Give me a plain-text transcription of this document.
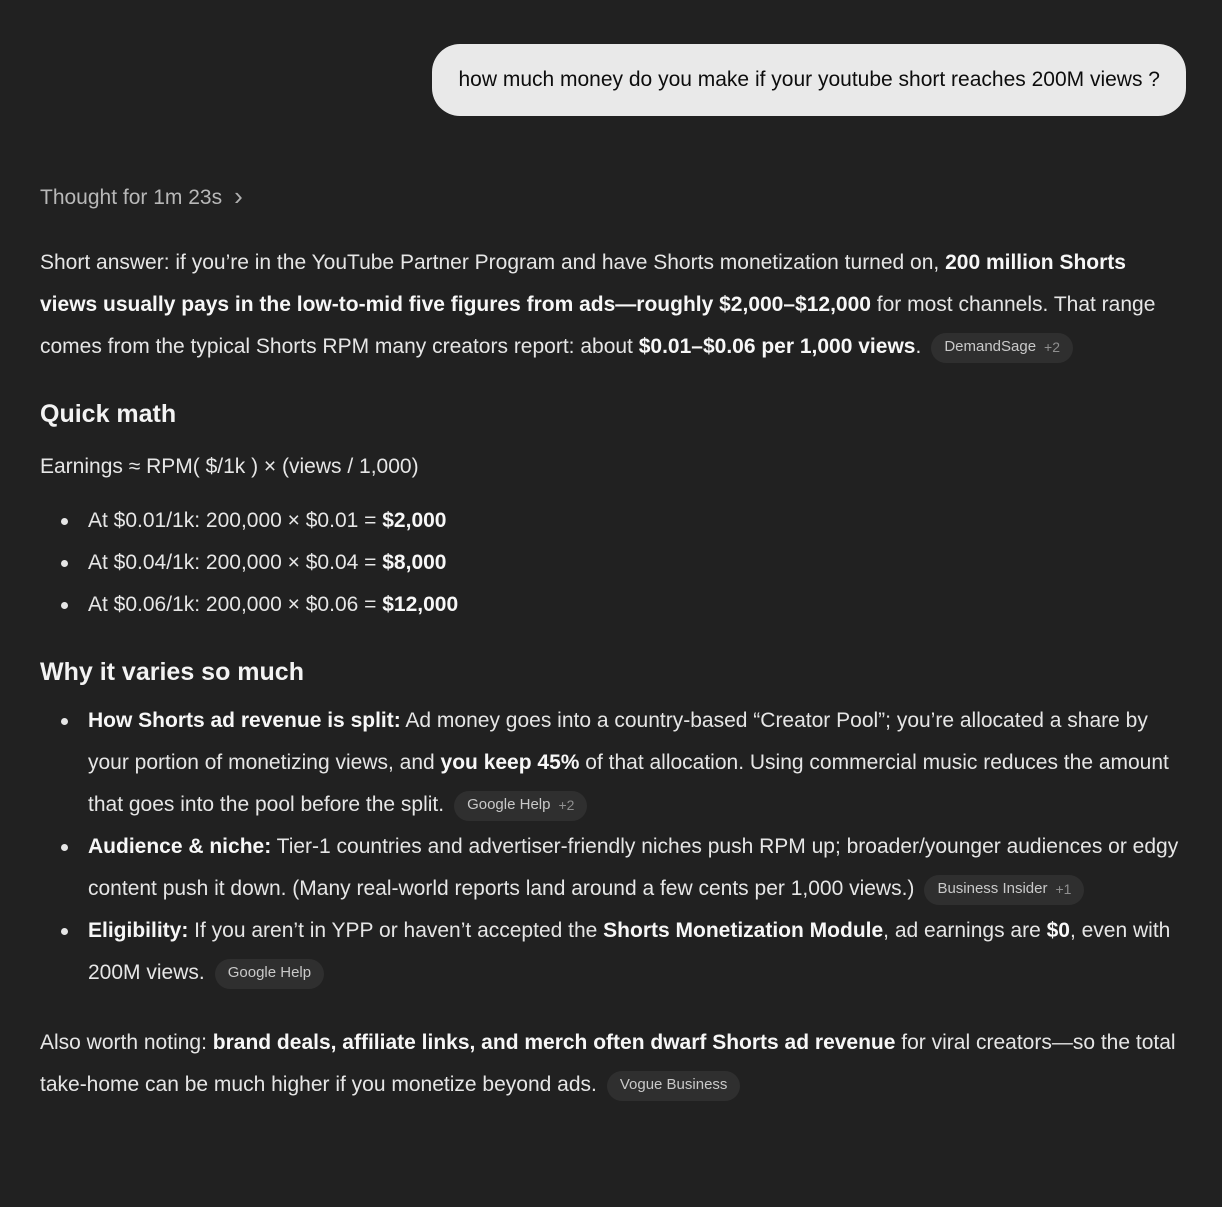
how much money do you make if your youtube short reaches 200M views ?
Thought for 1m 23s ›

Short answer: if you’re in the YouTube Partner Program and have Shorts monetization turned on, 200 million Shorts views usually pays in the low-to-mid five figures from ads—roughly $2,000–$12,000 for most channels. That range comes from the typical Shorts RPM many creators report: about $0.01–$0.06 per 1,000 views. DemandSage +2

Quick math

Earnings ≈ RPM( $/1k ) × (views / 1,000)

At $0.01/1k: 200,000 × $0.01 = $2,000
At $0.04/1k: 200,000 × $0.04 = $8,000
At $0.06/1k: 200,000 × $0.06 = $12,000
Why it varies so much
How Shorts ad revenue is split: Ad money goes into a country-based “Creator Pool”; you’re allocated a share by your portion of monetizing views, and you keep 45% of that allocation. Using commercial music reduces the amount that goes into the pool before the split. Google Help +2
Audience & niche: Tier-1 countries and advertiser-friendly niches push RPM up; broader/younger audiences or edgy content push it down. (Many real-world reports land around a few cents per 1,000 views.) Business Insider +1
Eligibility: If you aren’t in YPP or haven’t accepted the Shorts Monetization Module, ad earnings are $0, even with 200M views. Google Help

Also worth noting: brand deals, affiliate links, and merch often dwarf Shorts ad revenue for viral creators—so the total take-home can be much higher if you monetize beyond ads. Vogue Business
